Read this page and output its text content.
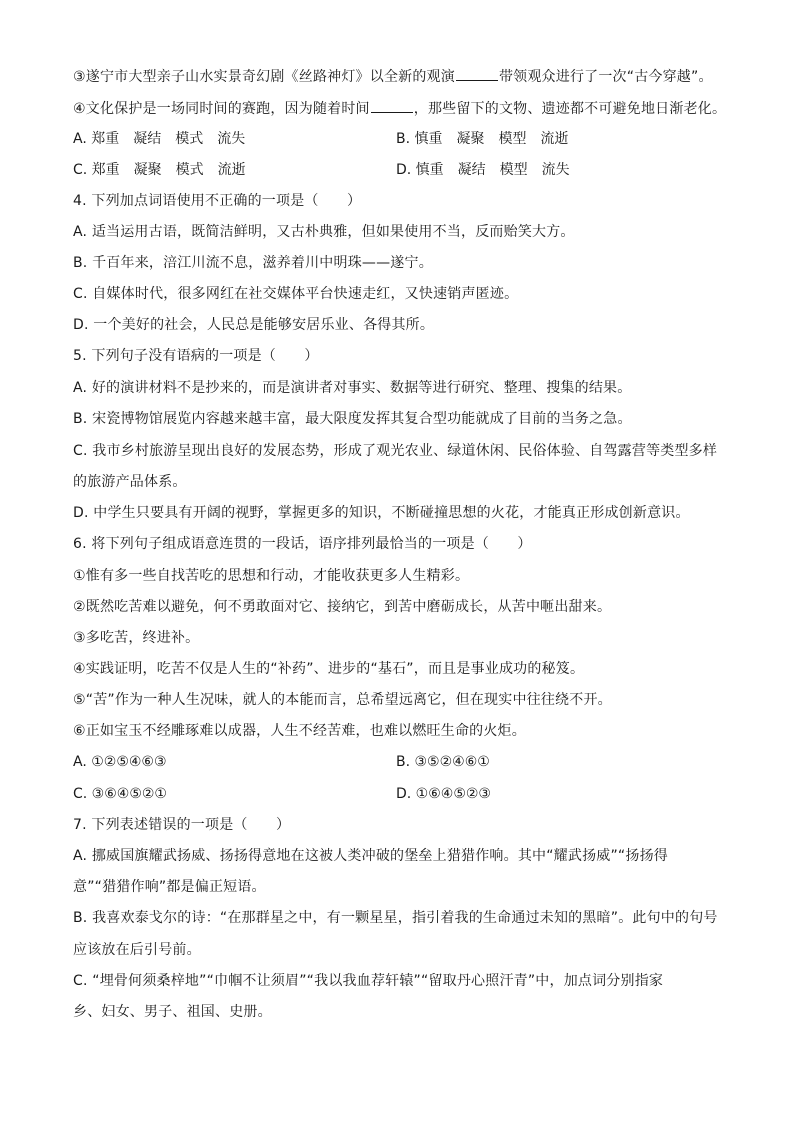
③遂宁市大型亲子山水实景奇幻剧《丝路神灯》以全新的观演	带领观众进行了一次“古今穿越”。
④文化保护是一场同时间的赛跑，因为随着时间	，那些留下的文物、遗迹都不可避免地日渐老化。
A. 郑重　凝结　模式　流失	B. 慎重　凝聚　模型　流逝
C. 郑重　凝聚　模式　流逝	D. 慎重　凝结　模型　流失
4. 下列加点词语使用不正确的一项是（　　）
A. 适当运用古语，既简洁鲜明，又古朴典雅，但如果使用不当，反而贻笑大方。
B. 千百年来，涪江川流不息，滋养着川中明珠——遂宁。
C. 自媒体时代，很多网红在社交媒体平台快速走红，又快速销声匿迹。
D. 一个美好的社会，人民总是能够安居乐业、各得其所。
5. 下列句子没有语病的一项是（　　）
A. 好的演讲材料不是抄来的，而是演讲者对事实、数据等进行研究、整理、搜集的结果。
B. 宋瓷博物馆展览内容越来越丰富，最大限度发挥其复合型功能就成了目前的当务之急。
C. 我市乡村旅游呈现出良好的发展态势，形成了观光农业、绿道休闲、民俗体验、自驾露营等类型多样
的旅游产品体系。
D. 中学生只要具有开阔的视野，掌握更多的知识，不断碰撞思想的火花，才能真正形成创新意识。
6. 将下列句子组成语意连贯的一段话，语序排列最恰当的一项是（　　）
①惟有多一些自找苦吃的思想和行动，才能收获更多人生精彩。
②既然吃苦难以避免，何不勇敢面对它、接纳它，到苦中磨砺成长，从苦中咂出甜来。
③多吃苦，终进补。
④实践证明，吃苦不仅是人生的“补药”、进步的“基石”，而且是事业成功的秘笈。
⑤“苦”作为一种人生况味，就人的本能而言，总希望远离它，但在现实中往往绕不开。
⑥正如宝玉不经雕琢难以成器，人生不经苦难，也难以燃旺生命的火炬。
A. ①②⑤④⑥③	B. ③⑤②④⑥①
C. ③⑥④⑤②①	D. ①⑥④⑤②③
7. 下列表述错误的一项是（　　）
A. 挪威国旗耀武扬威、扬扬得意地在这被人类冲破的堡垒上猎猎作响。其中“耀武扬威”“扬扬得
意”“猎猎作响”都是偏正短语。
B. 我喜欢泰戈尔的诗：“在那群星之中，有一颗星星，指引着我的生命通过未知的黑暗”。此句中的句号
应该放在后引号前。
C. “埋骨何须桑梓地”“巾帼不让须眉”“我以我血荐轩辕”“留取丹心照汗青”中，加点词分别指家
乡、妇女、男子、祖国、史册。
